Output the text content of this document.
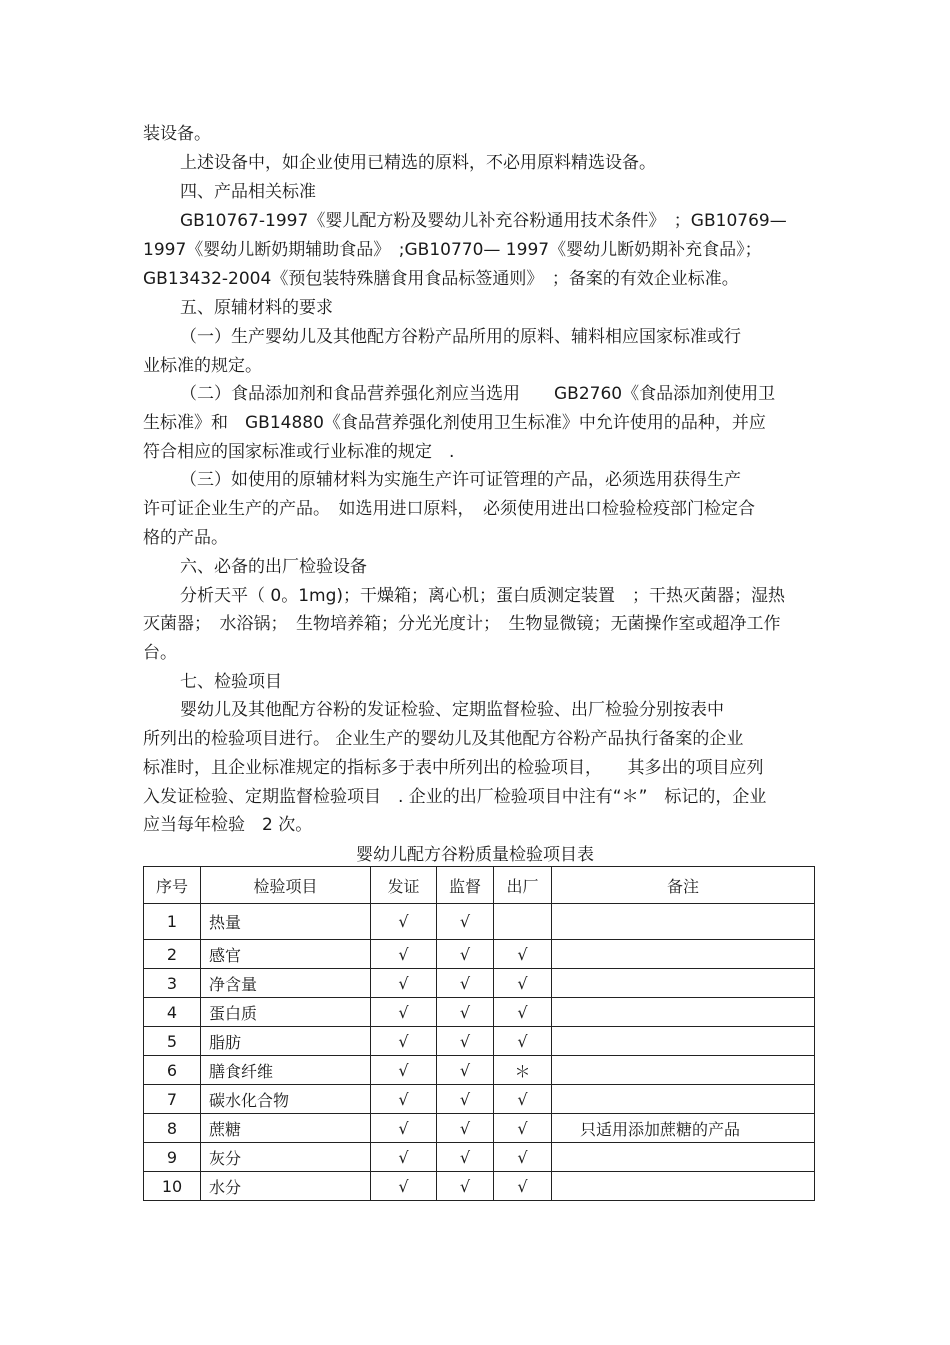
装设备。

上述设备中，如企业使用已精选的原料，不必用原料精选设备。

四、产品相关标准

GB10767-1997《婴儿配方粉及婴幼儿补充谷粉通用技术条件》　；GB10769—

1997《婴幼儿断奶期辅助食品》　;GB10770— 1997《婴幼儿断奶期补充食品》；

GB13432-2004《预包装特殊膳食用食品标签通则》　；备案的有效企业标准。

五、原辅材料的要求

（一）生产婴幼儿及其他配方谷粉产品所用的原料、辅料相应国家标准或行

业标准的规定。

（二）食品添加剂和食品营养强化剂应当选用　　GB2760《食品添加剂使用卫

生标准》和　GB14880《食品营养强化剂使用卫生标准》中允许使用的品种，并应

符合相应的国家标准或行业标准的规定　.

（三）如使用的原辅材料为实施生产许可证管理的产品，必须选用获得生产

许可证企业生产的产品。　如选用进口原料，　必须使用进出口检验检疫部门检定合

格的产品。

六、必备的出厂检验设备

分析天平（ 0。1mg)；干燥箱；离心机；蛋白质测定装置　；干热灭菌器；湿热

灭菌器；　水浴锅；　生物培养箱；分光光度计；　生物显微镜；无菌操作室或超净工作

台。

七、检验项目

婴幼儿及其他配方谷粉的发证检验、定期监督检验、出厂检验分别按表中

所列出的检验项目进行。 企业生产的婴幼儿及其他配方谷粉产品执行备案的企业

标准时，且企业标准规定的指标多于表中所列出的检验项目，　　其多出的项目应列

入发证检验、定期监督检验项目　. 企业的出厂检验项目中注有“＊”　标记的，企业

应当每年检验　2 次。

婴幼儿配方谷粉质量检验项目表
序号	检验项目	发证	监督	出厂	备注
1	热量	√	√		
2	感官	√	√	√	
3	净含量	√	√	√	
4	蛋白质	√	√	√	
5	脂肪	√	√	√	
6	膳食纤维	√	√	＊	
7	碳水化合物	√	√	√	
8	蔗糖	√	√	√	只适用添加蔗糖的产品
9	灰分	√	√	√	
10	水分	√	√	√	
